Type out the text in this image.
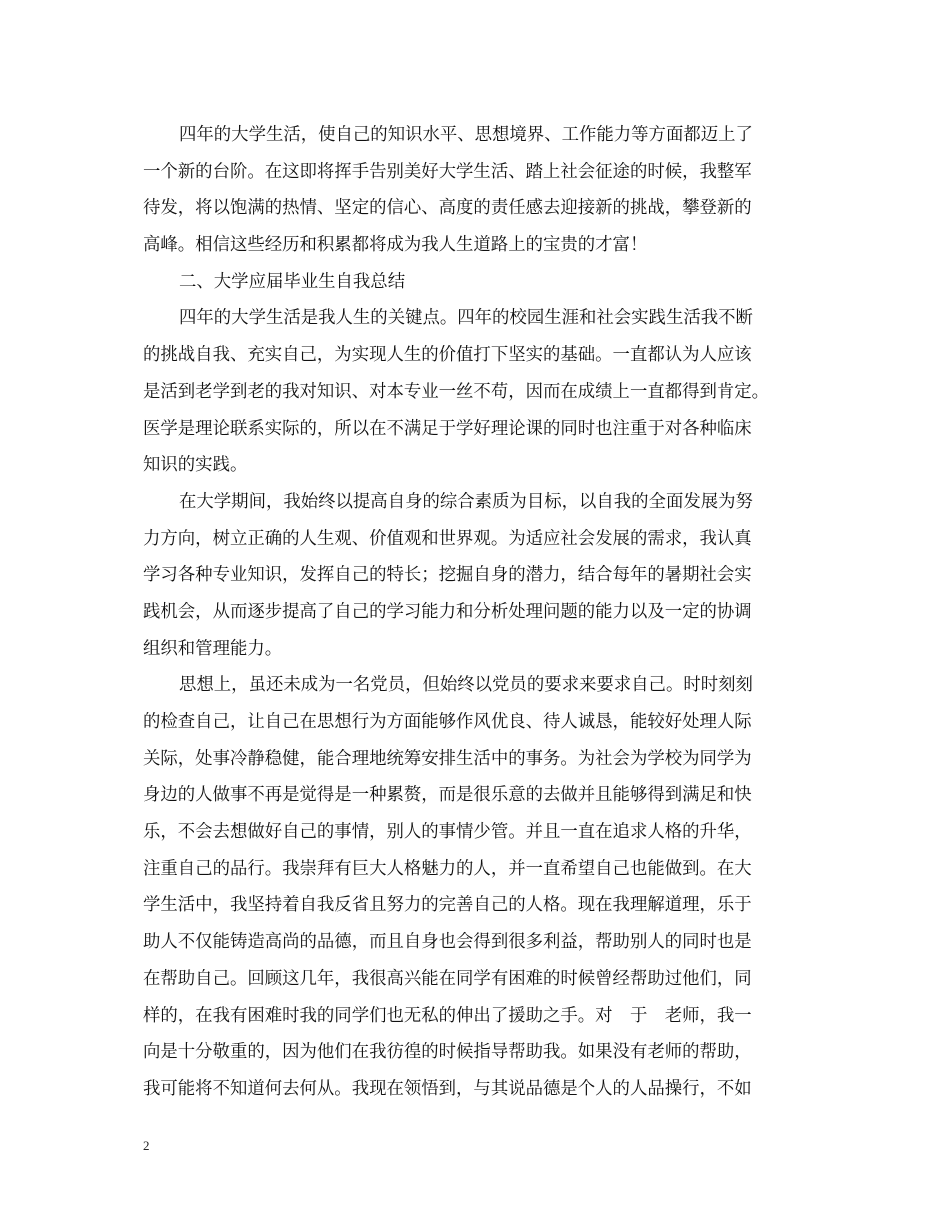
四年的大学生活，使自己的知识水平、思想境界、工作能力等方面都迈上了
一个新的台阶。在这即将挥手告别美好大学生活、踏上社会征途的时候，我整军
待发，将以饱满的热情、坚定的信心、高度的责任感去迎接新的挑战，攀登新的
高峰。相信这些经历和积累都将成为我人生道路上的宝贵的才富！
二、大学应届毕业生自我总结
四年的大学生活是我人生的关键点。四年的校园生涯和社会实践生活我不断
的挑战自我、充实自己，为实现人生的价值打下坚实的基础。一直都认为人应该
是活到老学到老的我对知识、对本专业一丝不苟，因而在成绩上一直都得到肯定。
医学是理论联系实际的，所以在不满足于学好理论课的同时也注重于对各种临床
知识的实践。
在大学期间，我始终以提高自身的综合素质为目标，以自我的全面发展为努
力方向，树立正确的人生观、价值观和世界观。为适应社会发展的需求，我认真
学习各种专业知识，发挥自己的特长；挖掘自身的潜力，结合每年的暑期社会实
践机会，从而逐步提高了自己的学习能力和分析处理问题的能力以及一定的协调
组织和管理能力。
思想上，虽还未成为一名党员，但始终以党员的要求来要求自己。时时刻刻
的检查自己，让自己在思想行为方面能够作风优良、待人诚恳，能较好处理人际
关际，处事冷静稳健，能合理地统筹安排生活中的事务。为社会为学校为同学为
身边的人做事不再是觉得是一种累赘，而是很乐意的去做并且能够得到满足和快
乐，不会去想做好自己的事情，别人的事情少管。并且一直在追求人格的升华，
注重自己的品行。我崇拜有巨大人格魅力的人，并一直希望自己也能做到。在大
学生活中，我坚持着自我反省且努力的完善自己的人格。现在我理解道理，乐于
助人不仅能铸造高尚的品德，而且自身也会得到很多利益，帮助别人的同时也是
在帮助自己。回顾这几年，我很高兴能在同学有困难的时候曾经帮助过他们，同
样的，在我有困难时我的同学们也无私的伸出了援助之手。对　于　老师，我一
向是十分敬重的，因为他们在我彷徨的时候指导帮助我。如果没有老师的帮助，
我可能将不知道何去何从。我现在领悟到，与其说品德是个人的人品操行，不如
2
